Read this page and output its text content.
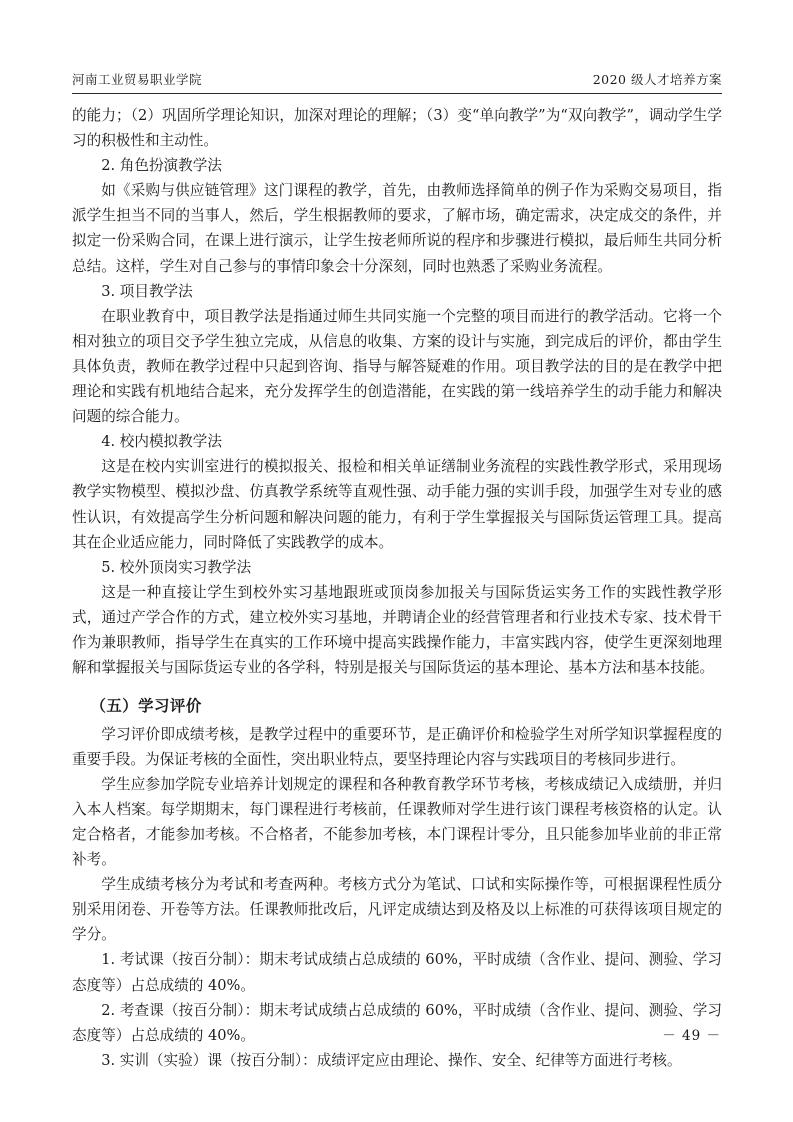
河南工业贸易职业学院	2020 级人才培养方案

的能力；（2）巩固所学理论知识，加深对理论的理解；（3）变“单向教学”为“双向教学”，调动学生学习的积极性和主动性。

2. 角色扮演教学法

如《采购与供应链管理》这门课程的教学，首先，由教师选择简单的例子作为采购交易项目，指派学生担当不同的当事人，然后，学生根据教师的要求，了解市场，确定需求，决定成交的条件，并拟定一份采购合同，在课上进行演示，让学生按老师所说的程序和步骤进行模拟，最后师生共同分析总结。这样，学生对自己参与的事情印象会十分深刻，同时也熟悉了采购业务流程。

3. 项目教学法

在职业教育中，项目教学法是指通过师生共同实施一个完整的项目而进行的教学活动。它将一个相对独立的项目交予学生独立完成，从信息的收集、方案的设计与实施，到完成后的评价，都由学生具体负责，教师在教学过程中只起到咨询、指导与解答疑难的作用。项目教学法的目的是在教学中把理论和实践有机地结合起来，充分发挥学生的创造潜能，在实践的第一线培养学生的动手能力和解决问题的综合能力。

4. 校内模拟教学法

这是在校内实训室进行的模拟报关、报检和相关单证缮制业务流程的实践性教学形式，采用现场教学实物模型、模拟沙盘、仿真教学系统等直观性强、动手能力强的实训手段，加强学生对专业的感性认识，有效提高学生分析问题和解决问题的能力，有利于学生掌握报关与国际货运管理工具。提高其在企业适应能力，同时降低了实践教学的成本。

5. 校外顶岗实习教学法

这是一种直接让学生到校外实习基地跟班或顶岗参加报关与国际货运实务工作的实践性教学形式，通过产学合作的方式，建立校外实习基地，并聘请企业的经营管理者和行业技术专家、技术骨干作为兼职教师，指导学生在真实的工作环境中提高实践操作能力，丰富实践内容，使学生更深刻地理解和掌握报关与国际货运专业的各学科，特别是报关与国际货运的基本理论、基本方法和基本技能。

（五）学习评价

学习评价即成绩考核，是教学过程中的重要环节，是正确评价和检验学生对所学知识掌握程度的重要手段。为保证考核的全面性，突出职业特点，要坚持理论内容与实践项目的考核同步进行。

学生应参加学院专业培养计划规定的课程和各种教育教学环节考核，考核成绩记入成绩册，并归入本人档案。每学期期末，每门课程进行考核前，任课教师对学生进行该门课程考核资格的认定。认定合格者，才能参加考核。不合格者，不能参加考核，本门课程计零分，且只能参加毕业前的非正常补考。

学生成绩考核分为考试和考查两种。考核方式分为笔试、口试和实际操作等，可根据课程性质分别采用闭卷、开卷等方法。任课教师批改后，凡评定成绩达到及格及以上标准的可获得该项目规定的学分。

1. 考试课（按百分制）：期末考试成绩占总成绩的 60%，平时成绩（含作业、提问、测验、学习态度等）占总成绩的 40%。

2. 考查课（按百分制）：期末考试成绩占总成绩的 60%，平时成绩（含作业、提问、测验、学习态度等）占总成绩的 40%。

3. 实训（实验）课（按百分制）：成绩评定应由理论、操作、安全、纪律等方面进行考核。

－ 49 －
